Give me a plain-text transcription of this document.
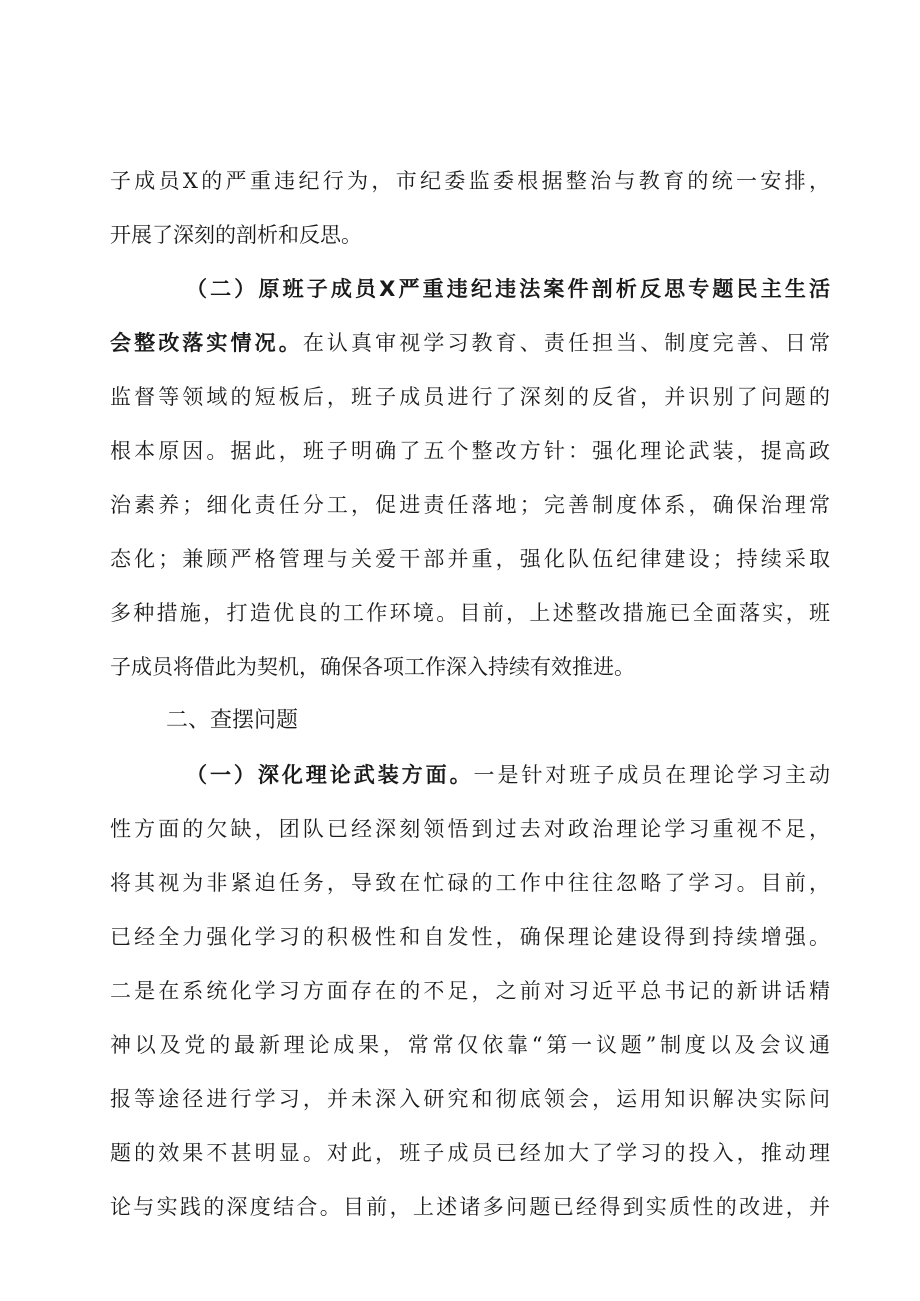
子成员X的严重违纪行为，市纪委监委根据整治与教育的统一安排，
开展了深刻的剖析和反思。
（二）原班子成员X严重违纪违法案件剖析反思专题民主生活
会整改落实情况。在认真审视学习教育、责任担当、制度完善、日常
监督等领域的短板后，班子成员进行了深刻的反省，并识别了问题的
根本原因。据此，班子明确了五个整改方针：强化理论武装，提高政
治素养；细化责任分工，促进责任落地；完善制度体系，确保治理常
态化；兼顾严格管理与关爱干部并重，强化队伍纪律建设；持续采取
多种措施，打造优良的工作环境。目前，上述整改措施已全面落实，班
子成员将借此为契机，确保各项工作深入持续有效推进。
二、查摆问题
（一）深化理论武装方面。一是针对班子成员在理论学习主动
性方面的欠缺，团队已经深刻领悟到过去对政治理论学习重视不足，
将其视为非紧迫任务，导致在忙碌的工作中往往忽略了学习。目前，
已经全力强化学习的积极性和自发性，确保理论建设得到持续增强。
二是在系统化学习方面存在的不足，之前对习近平总书记的新讲话精
神以及党的最新理论成果，常常仅依靠“第一议题”制度以及会议通
报等途径进行学习，并未深入研究和彻底领会，运用知识解决实际问
题的效果不甚明显。对此，班子成员已经加大了学习的投入，推动理
论与实践的深度结合。目前，上述诸多问题已经得到实质性的改进，并
